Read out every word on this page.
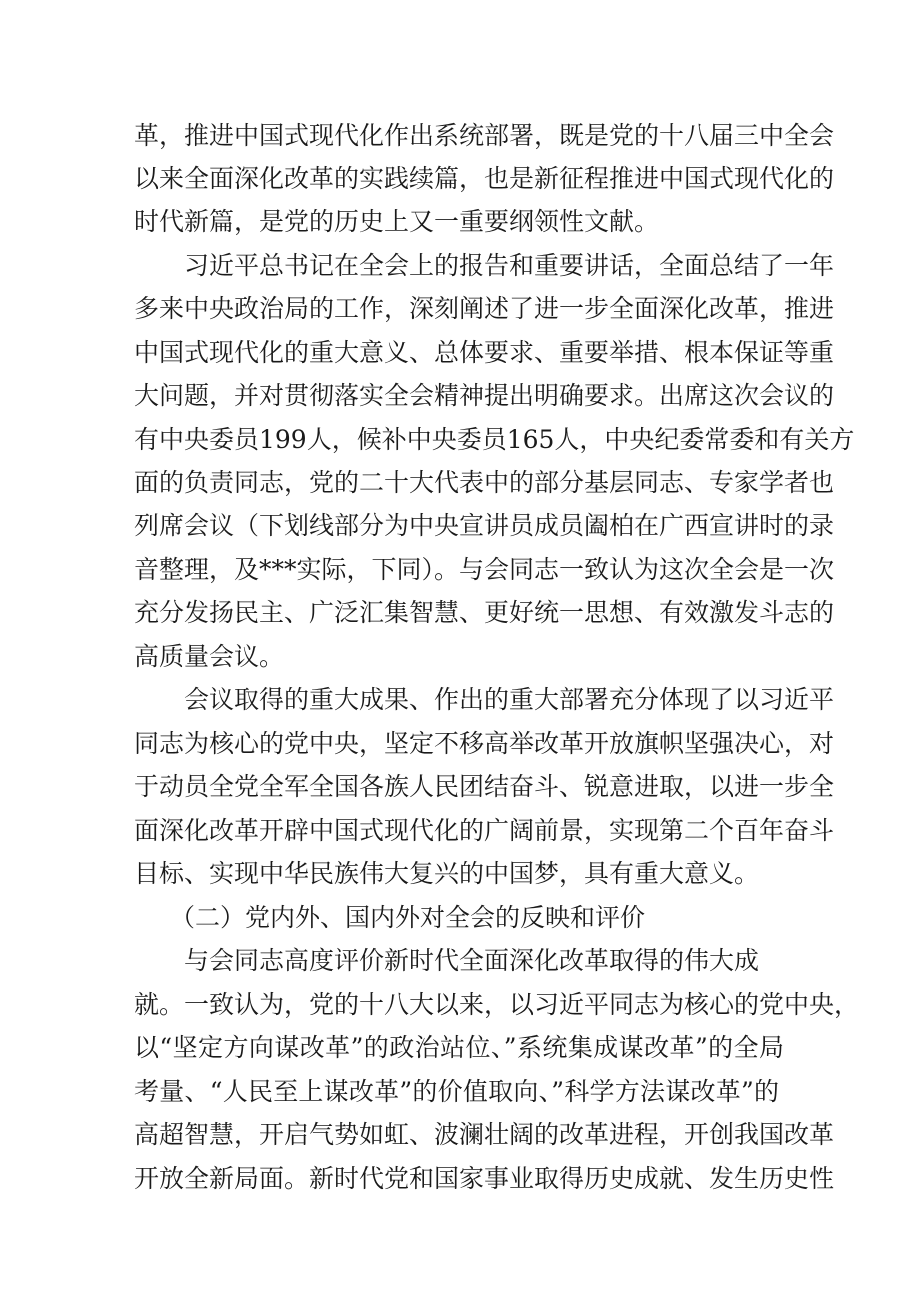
革，推进中国式现代化作出系统部署，既是党的十八届三中全会
以来全面深化改革的实践续篇，也是新征程推进中国式现代化的
时代新篇，是党的历史上又一重要纲领性文献。
习近平总书记在全会上的报告和重要讲话，全面总结了一年
多来中央政治局的工作，深刻阐述了进一步全面深化改革，推进
中国式现代化的重大意义、总体要求、重要举措、根本保证等重
大问题，并对贯彻落实全会精神提出明确要求。出席这次会议的
有中央委员199人，候补中央委员165人，中央纪委常委和有关方
面的负责同志，党的二十大代表中的部分基层同志、专家学者也
列席会议（下划线部分为中央宣讲员成员阖柏在广西宣讲时的录
音整理，及***实际，下同）。与会同志一致认为这次全会是一次
充分发扬民主、广泛汇集智慧、更好统一思想、有效激发斗志的
高质量会议。
会议取得的重大成果、作出的重大部署充分体现了以习近平
同志为核心的党中央，坚定不移高举改革开放旗帜坚强决心，对
于动员全党全军全国各族人民团结奋斗、锐意进取，以进一步全
面深化改革开辟中国式现代化的广阔前景，实现第二个百年奋斗
目标、实现中华民族伟大复兴的中国梦，具有重大意义。
（二）党内外、国内外对全会的反映和评价
与会同志高度评价新时代全面深化改革取得的伟大成
就。一致认为，党的十八大以来，以习近平同志为核心的党中央，
以“坚定方向谋改革”的政治站位、”系统集成谋改革”的全局
考量、“人民至上谋改革”的价值取向、”科学方法谋改革”的
高超智慧，开启气势如虹、波澜壮阔的改革进程，开创我国改革
开放全新局面。新时代党和国家事业取得历史成就、发生历史性
